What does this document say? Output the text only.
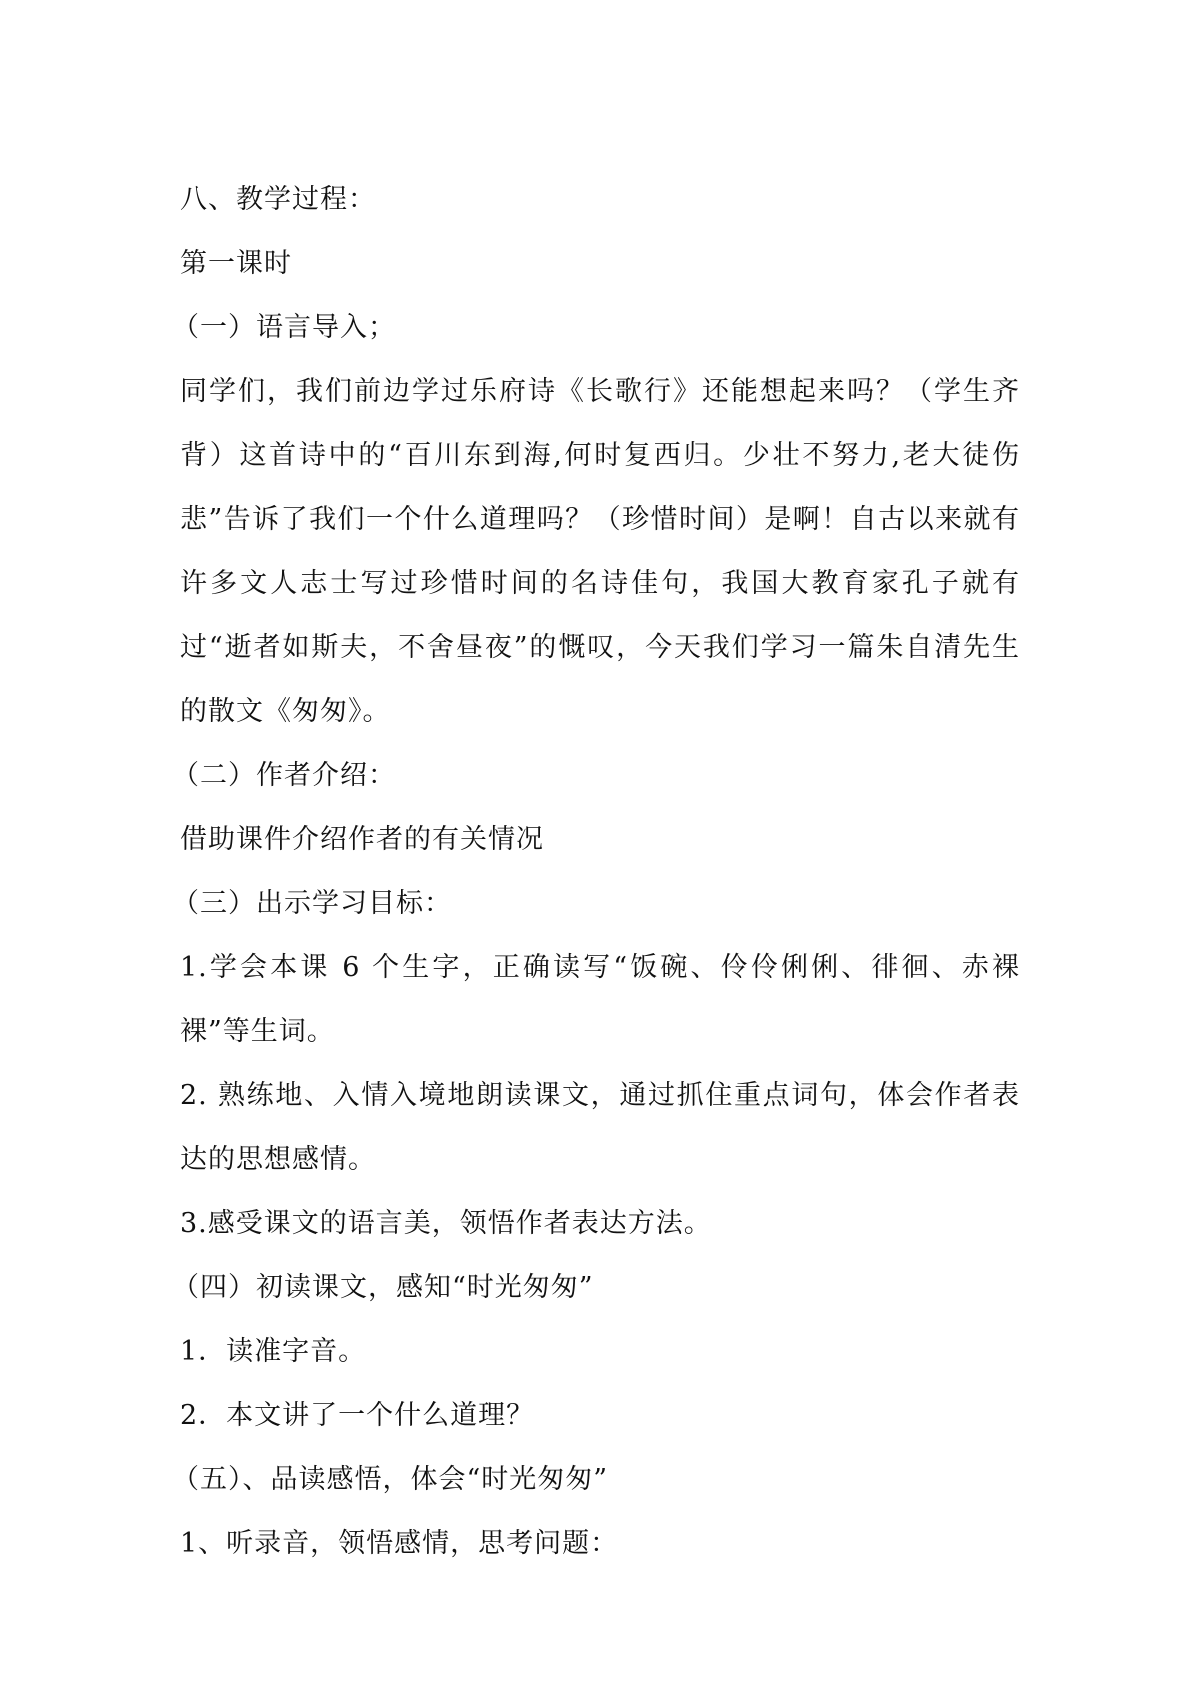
八、教学过程：

第一课时

（一）语言导入；

同学们，我们前边学过乐府诗《长歌行》还能想起来吗？（学生齐背）这首诗中的“百川东到海,何时复西归。少壮不努力,老大徒伤悲”告诉了我们一个什么道理吗？（珍惜时间）是啊！自古以来就有许多文人志士写过珍惜时间的名诗佳句，我国大教育家孔子就有过“逝者如斯夫，不舍昼夜”的慨叹，今天我们学习一篇朱自清先生的散文《匆匆》。

（二）作者介绍：

借助课件介绍作者的有关情况

（三）出示学习目标：

1.学会本课 6 个生字，正确读写“饭碗、伶伶俐俐、徘徊、赤裸裸”等生词。

2. 熟练地、入情入境地朗读课文，通过抓住重点词句，体会作者表达的思想感情。

3.感受课文的语言美，领悟作者表达方法。

（四）初读课文，感知“时光匆匆”

1．读准字音。

2．本文讲了一个什么道理？

（五）、品读感悟，体会“时光匆匆”

1、听录音，领悟感情，思考问题：
